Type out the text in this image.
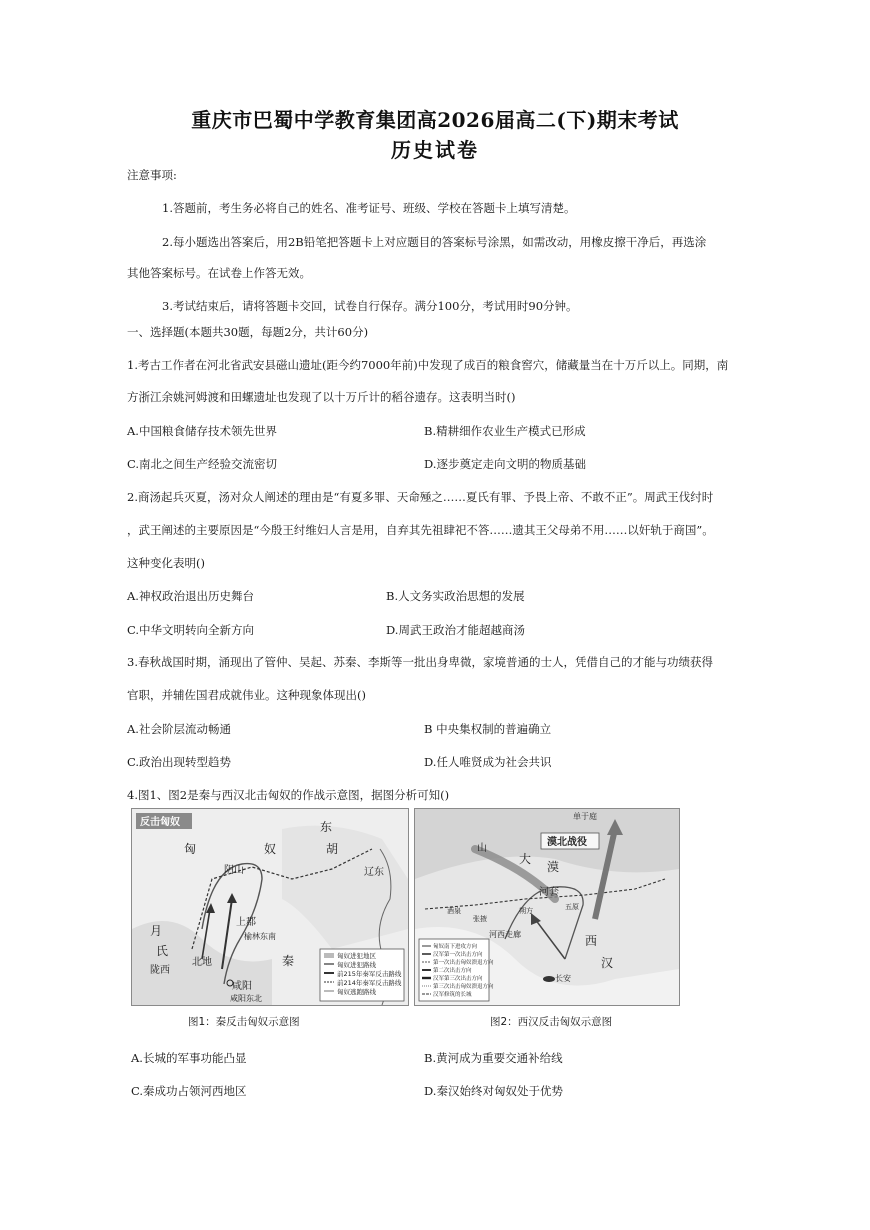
重庆市巴蜀中学教育集团高2026届高二(下)期末考试
历史试卷
注意事项:
1.答题前，考生务必将自己的姓名、准考证号、班级、学校在答题卡上填写清楚。
2.每小题选出答案后，用2B铅笔把答题卡上对应题目的答案标号涂黑，如需改动，用橡皮擦干净后，再选涂
其他答案标号。在试卷上作答无效。
3.考试结束后，请将答题卡交回，试卷自行保存。满分100分，考试用时90分钟。
一、选择题(本题共30题，每题2分，共计60分)
1.考古工作者在河北省武安县磁山遗址(距今约7000年前)中发现了成百的粮食窖穴，储藏量当在十万斤以上。同期，南
方浙江余姚河姆渡和田螺遗址也发现了以十万斤计的稻谷遗存。这表明当时()
A.中国粮食储存技术领先世界	B.精耕细作农业生产模式已形成
C.南北之间生产经验交流密切	D.逐步奠定走向文明的物质基础
2.商汤起兵灭夏，汤对众人阐述的理由是“有夏多罪、天命殛之……夏氏有罪、予畏上帝、不敢不正”。周武王伐纣时
，武王阐述的主要原因是“今殷王纣维妇人言是用，自弃其先祖肆祀不答……遗其王父母弟不用……以奸轨于商国”。
这种变化表明()
A.神权政治退出历史舞台	B.人文务实政治思想的发展
C.中华文明转向全新方向	D.周武王政治才能超越商汤
3.春秋战国时期，涌现出了管仲、吴起、苏秦、李斯等一批出身卑微，家境普通的士人，凭借自己的才能与功绩获得
官职，并辅佐国君成就伟业。这种现象体现出()
A.社会阶层流动畅通	B 中央集权制的普遍确立
C.政治出现转型趋势	D.任人唯贤成为社会共识
4.图1、图2是秦与西汉北击匈奴的作战示意图，据图分析可知()
反击匈奴
匈	奴
东
胡
月
氏
秦
辽东
上郡
北地
咸阳
陇西
阴山
榆林东南
咸阳东北
匈奴进犯地区
匈奴进犯路线
前215年秦军反击路线
前214年秦军反击路线
匈奴逃跑路线
图1：秦反击匈奴示意图
漠北战役
大
漠
山
河套
河西走廊	西
汉
长安
单于庭
酒泉
张掖
朔方	五原
匈奴南下进攻方向
汉军第一次出击方向
第一次出击匈奴溃退方向
第二次出击方向
汉军第三次出击方向
第三次出击匈奴溃退方向
汉军修筑的长城
图2：西汉反击匈奴示意图
A.长城的军事功能凸显	B.黄河成为重要交通补给线
C.秦成功占领河西地区	D.秦汉始终对匈奴处于优势
